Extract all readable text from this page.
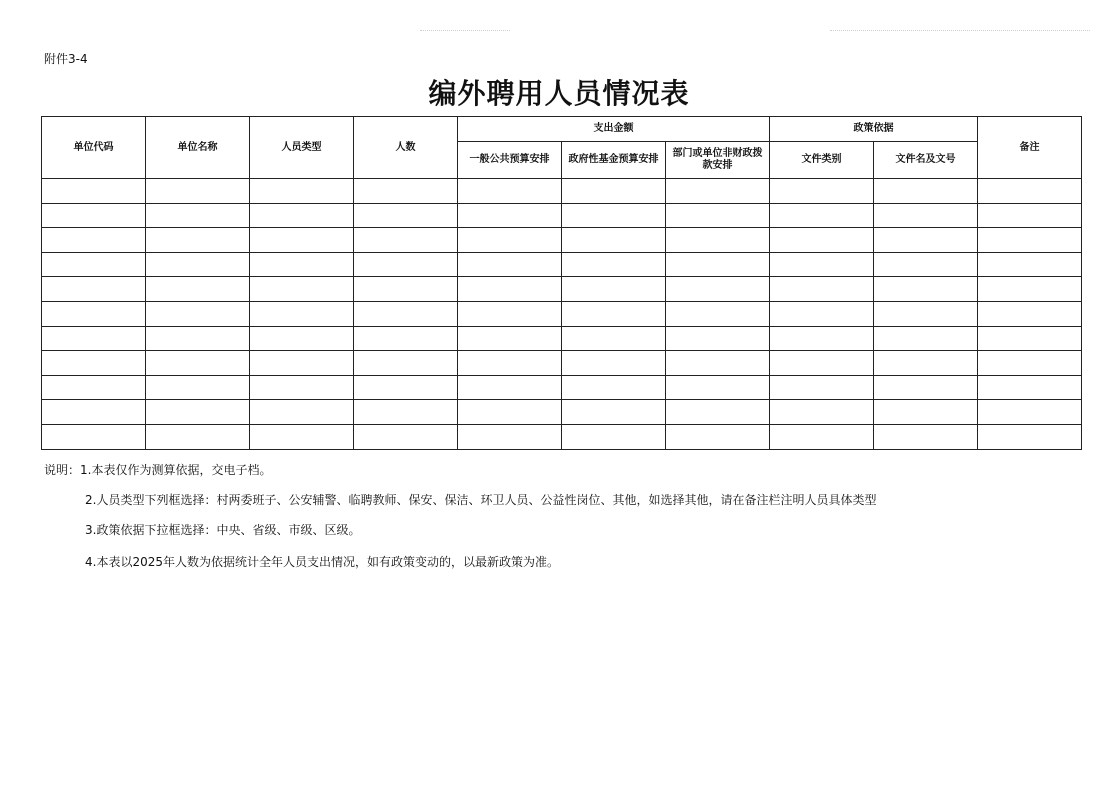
附件3-4
编外聘用人员情况表
单位代码	单位名称	人员类型	人数	支出金额			政策依据		备注
				一般公共预算安排	政府性基金预算安排	部门或单位非财政拨款安排	文件类别	文件名及文号	

说明：1.本表仅作为测算依据，交电子档。
2.人员类型下列框选择：村两委班子、公安辅警、临聘教师、保安、保洁、环卫人员、公益性岗位、其他，如选择其他，请在备注栏注明人员具体类型
3.政策依据下拉框选择：中央、省级、市级、区级。
4.本表以2025年人数为依据统计全年人员支出情况，如有政策变动的，以最新政策为准。
